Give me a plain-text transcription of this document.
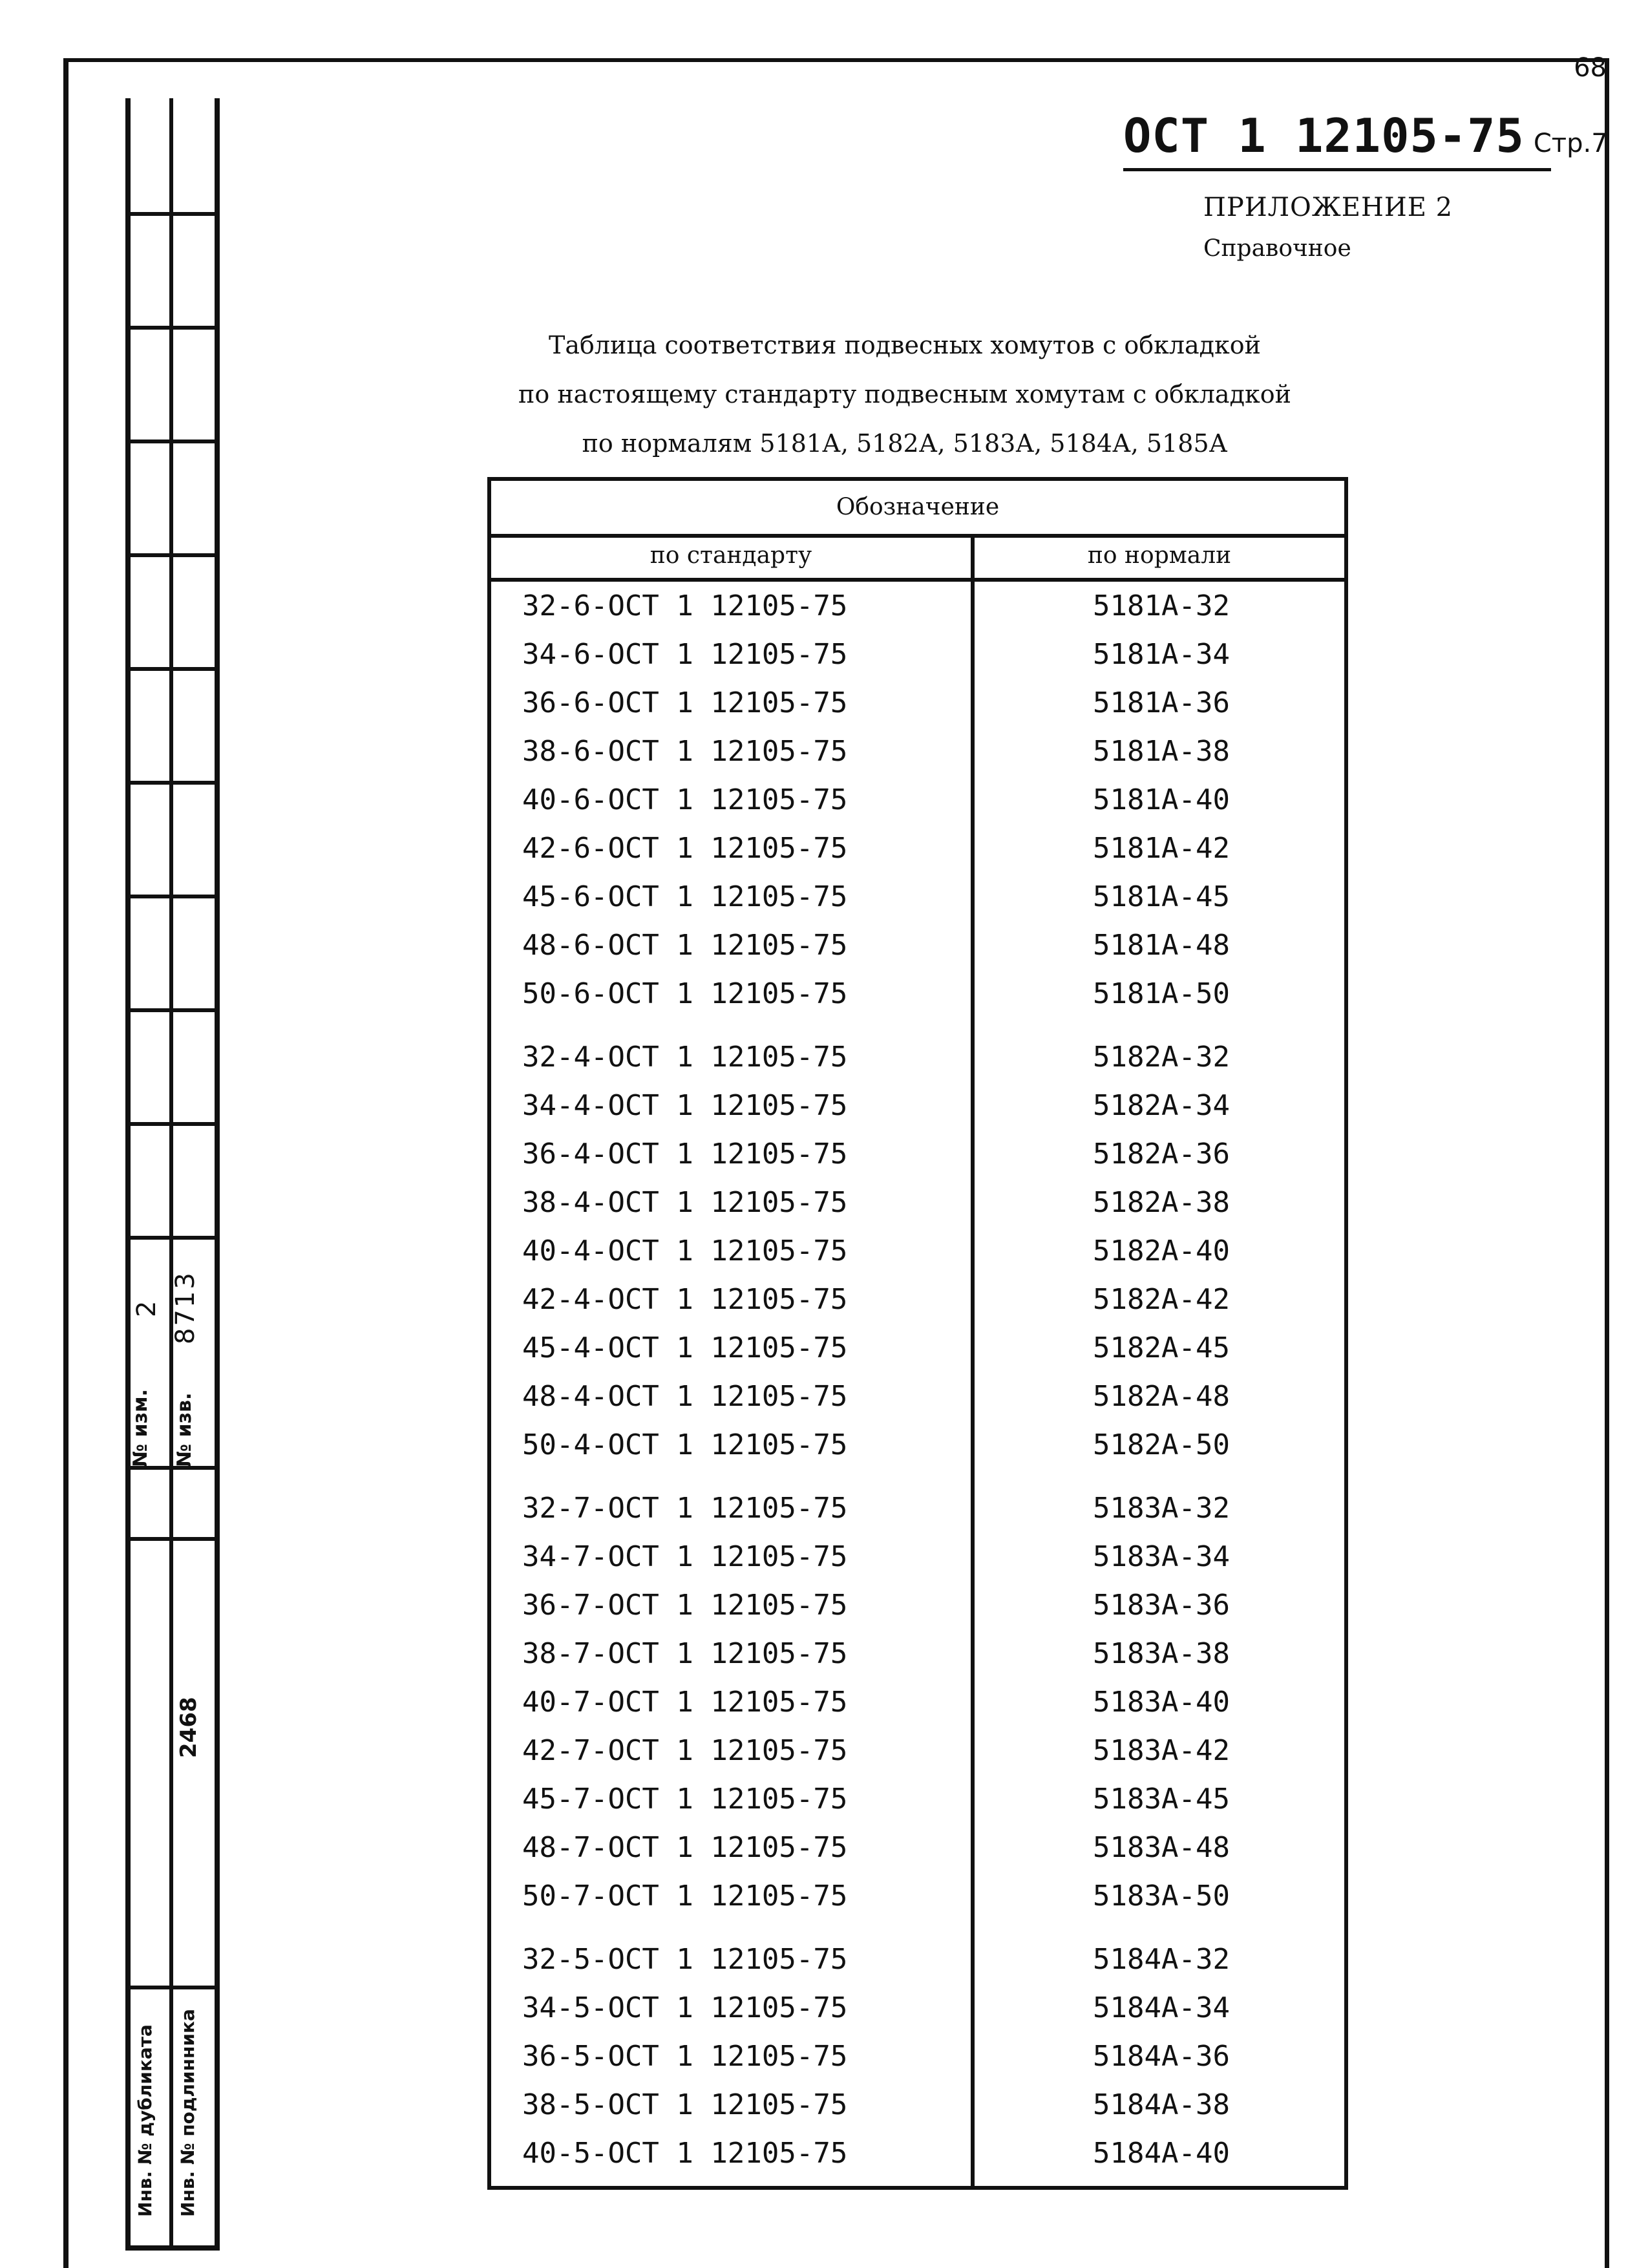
68
№ изм.
2
№ изв.
8713
2468
Инв. № дубликата Инв. № подлинника
ОСТ 1 12105-75 Стр.7
ПРИЛОЖЕНИЕ 2
Справочное
Таблица соответствия подвесных хомутов с обкладкой
по настоящему стандарту подвесным хомутам с обкладкой
по нормалям 5181А, 5182А, 5183А, 5184А, 5185А
Обозначение
по стандарту	по нормали
32-6-ОСТ 1 12105-75	5181А-32
34-6-ОСТ 1 12105-75	5181А-34
36-6-ОСТ 1 12105-75	5181А-36
38-6-ОСТ 1 12105-75	5181А-38
40-6-ОСТ 1 12105-75	5181А-40
42-6-ОСТ 1 12105-75	5181А-42
45-6-ОСТ 1 12105-75	5181А-45
48-6-ОСТ 1 12105-75	5181А-48
50-6-ОСТ 1 12105-75	5181А-50
32-4-ОСТ 1 12105-75	5182А-32
34-4-ОСТ 1 12105-75	5182А-34
36-4-ОСТ 1 12105-75	5182А-36
38-4-ОСТ 1 12105-75	5182А-38
40-4-ОСТ 1 12105-75	5182А-40
42-4-ОСТ 1 12105-75	5182А-42
45-4-ОСТ 1 12105-75	5182А-45
48-4-ОСТ 1 12105-75	5182А-48
50-4-ОСТ 1 12105-75	5182А-50
32-7-ОСТ 1 12105-75	5183А-32
34-7-ОСТ 1 12105-75	5183А-34
36-7-ОСТ 1 12105-75	5183А-36
38-7-ОСТ 1 12105-75	5183А-38
40-7-ОСТ 1 12105-75	5183А-40
42-7-ОСТ 1 12105-75	5183А-42
45-7-ОСТ 1 12105-75	5183А-45
48-7-ОСТ 1 12105-75	5183А-48
50-7-ОСТ 1 12105-75	5183А-50
32-5-ОСТ 1 12105-75	5184А-32
34-5-ОСТ 1 12105-75	5184А-34
36-5-ОСТ 1 12105-75	5184А-36
38-5-ОСТ 1 12105-75	5184А-38
40-5-ОСТ 1 12105-75	5184А-40
